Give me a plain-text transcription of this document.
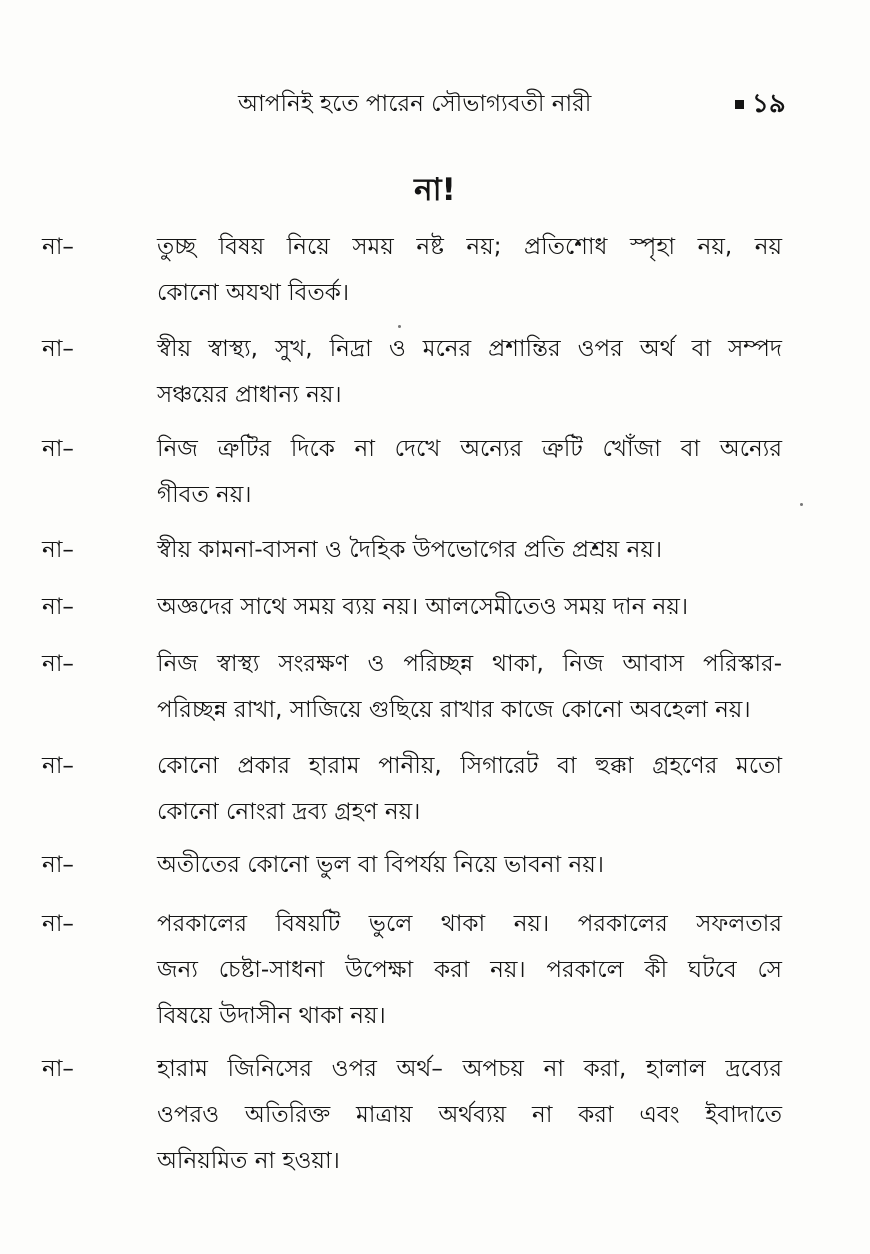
আপনিই হতে পারেন সৌভাগ্যবতী নারী	১৯
না!
না–	তুচ্ছ বিষয় নিয়ে সময় নষ্ট নয়; প্রতিশোধ স্পৃহা নয়, নয়
কোনো অযথা বিতর্ক।
না–	স্বীয় স্বাস্থ্য, সুখ, নিদ্রা ও মনের প্রশান্তির ওপর অর্থ বা সম্পদ
সঞ্চয়ের প্রাধান্য নয়।
না–	নিজ ত্রুটির দিকে না দেখে অন্যের ত্রুটি খোঁজা বা অন্যের
গীবত নয়।
না–	স্বীয় কামনা-বাসনা ও দৈহিক উপভোগের প্রতি প্রশ্রয় নয়।
না–	অজ্ঞদের সাথে সময় ব্যয় নয়। আলসেমীতেও সময় দান নয়।
না–	নিজ স্বাস্থ্য সংরক্ষণ ও পরিচ্ছন্ন থাকা, নিজ আবাস পরিস্কার-
পরিচ্ছন্ন রাখা, সাজিয়ে গুছিয়ে রাখার কাজে কোনো অবহেলা নয়।
না–	কোনো প্রকার হারাম পানীয়, সিগারেট বা হুক্কা গ্রহণের মতো
কোনো নোংরা দ্রব্য গ্রহণ নয়।
না–	অতীতের কোনো ভুল বা বিপর্যয় নিয়ে ভাবনা নয়।
না–	পরকালের বিষয়টি ভুলে থাকা নয়। পরকালের সফলতার
জন্য চেষ্টা-সাধনা উপেক্ষা করা নয়। পরকালে কী ঘটবে সে
বিষয়ে উদাসীন থাকা নয়।
না–	হারাম জিনিসের ওপর অর্থ– অপচয় না করা, হালাল দ্রব্যের
ওপরও অতিরিক্ত মাত্রায় অর্থব্যয় না করা এবং ইবাদাতে
অনিয়মিত না হওয়া।
